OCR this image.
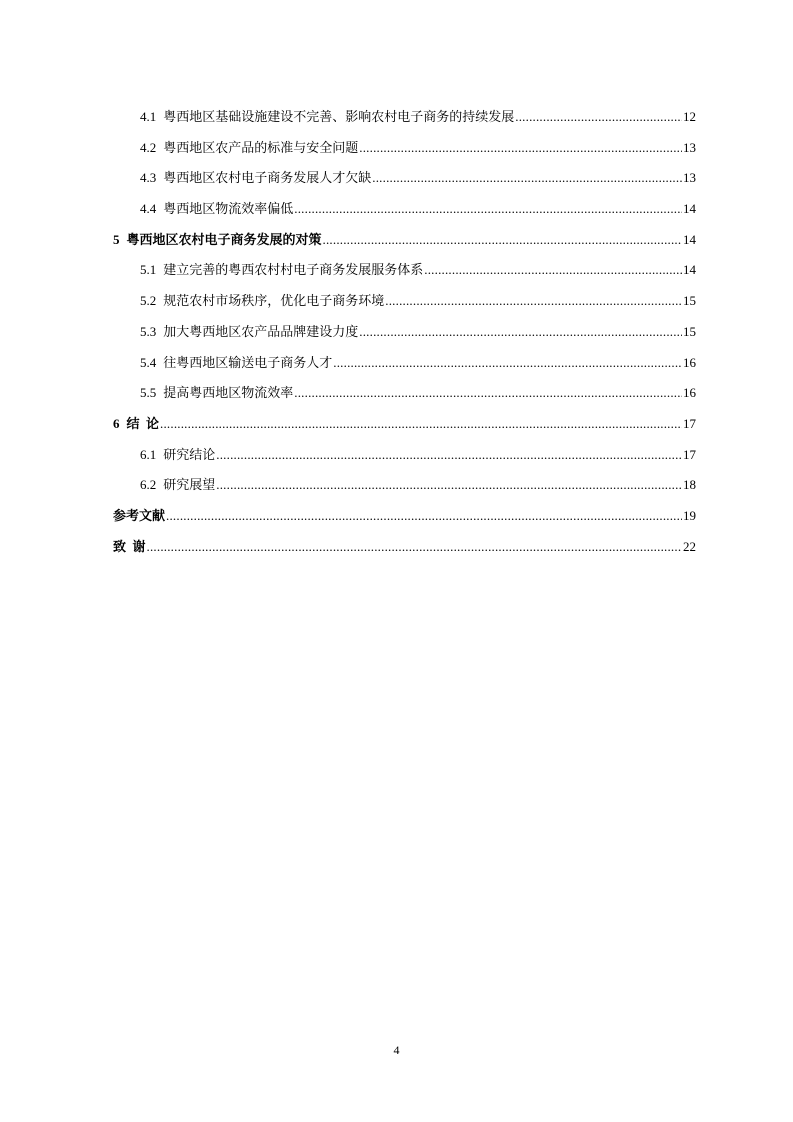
4.1 粤西地区基础设施建设不完善、影响农村电子商务的持续发展 .....	12
4.2 粤西地区农产品的标准与安全问题 .....	13
4.3 粤西地区农村电子商务发展人才欠缺 .....	13
4.4 粤西地区物流效率偏低 .....	14
5 粤西地区农村电子商务发展的对策 .....	14
5.1 建立完善的粤西农村村电子商务发展服务体系 .....	14
5.2 规范农村市场秩序，优化电子商务环境 .....	15
5.3 加大粤西地区农产品品牌建设力度 .....	15
5.4 往粤西地区输送电子商务人才 .....	16
5.5 提高粤西地区物流效率 .....	16
6 结  论 .....	17
6.1 研究结论 .....	17
6.2 研究展望 .....	18
参考文献 .....	19
致  谢 .....	22
4
